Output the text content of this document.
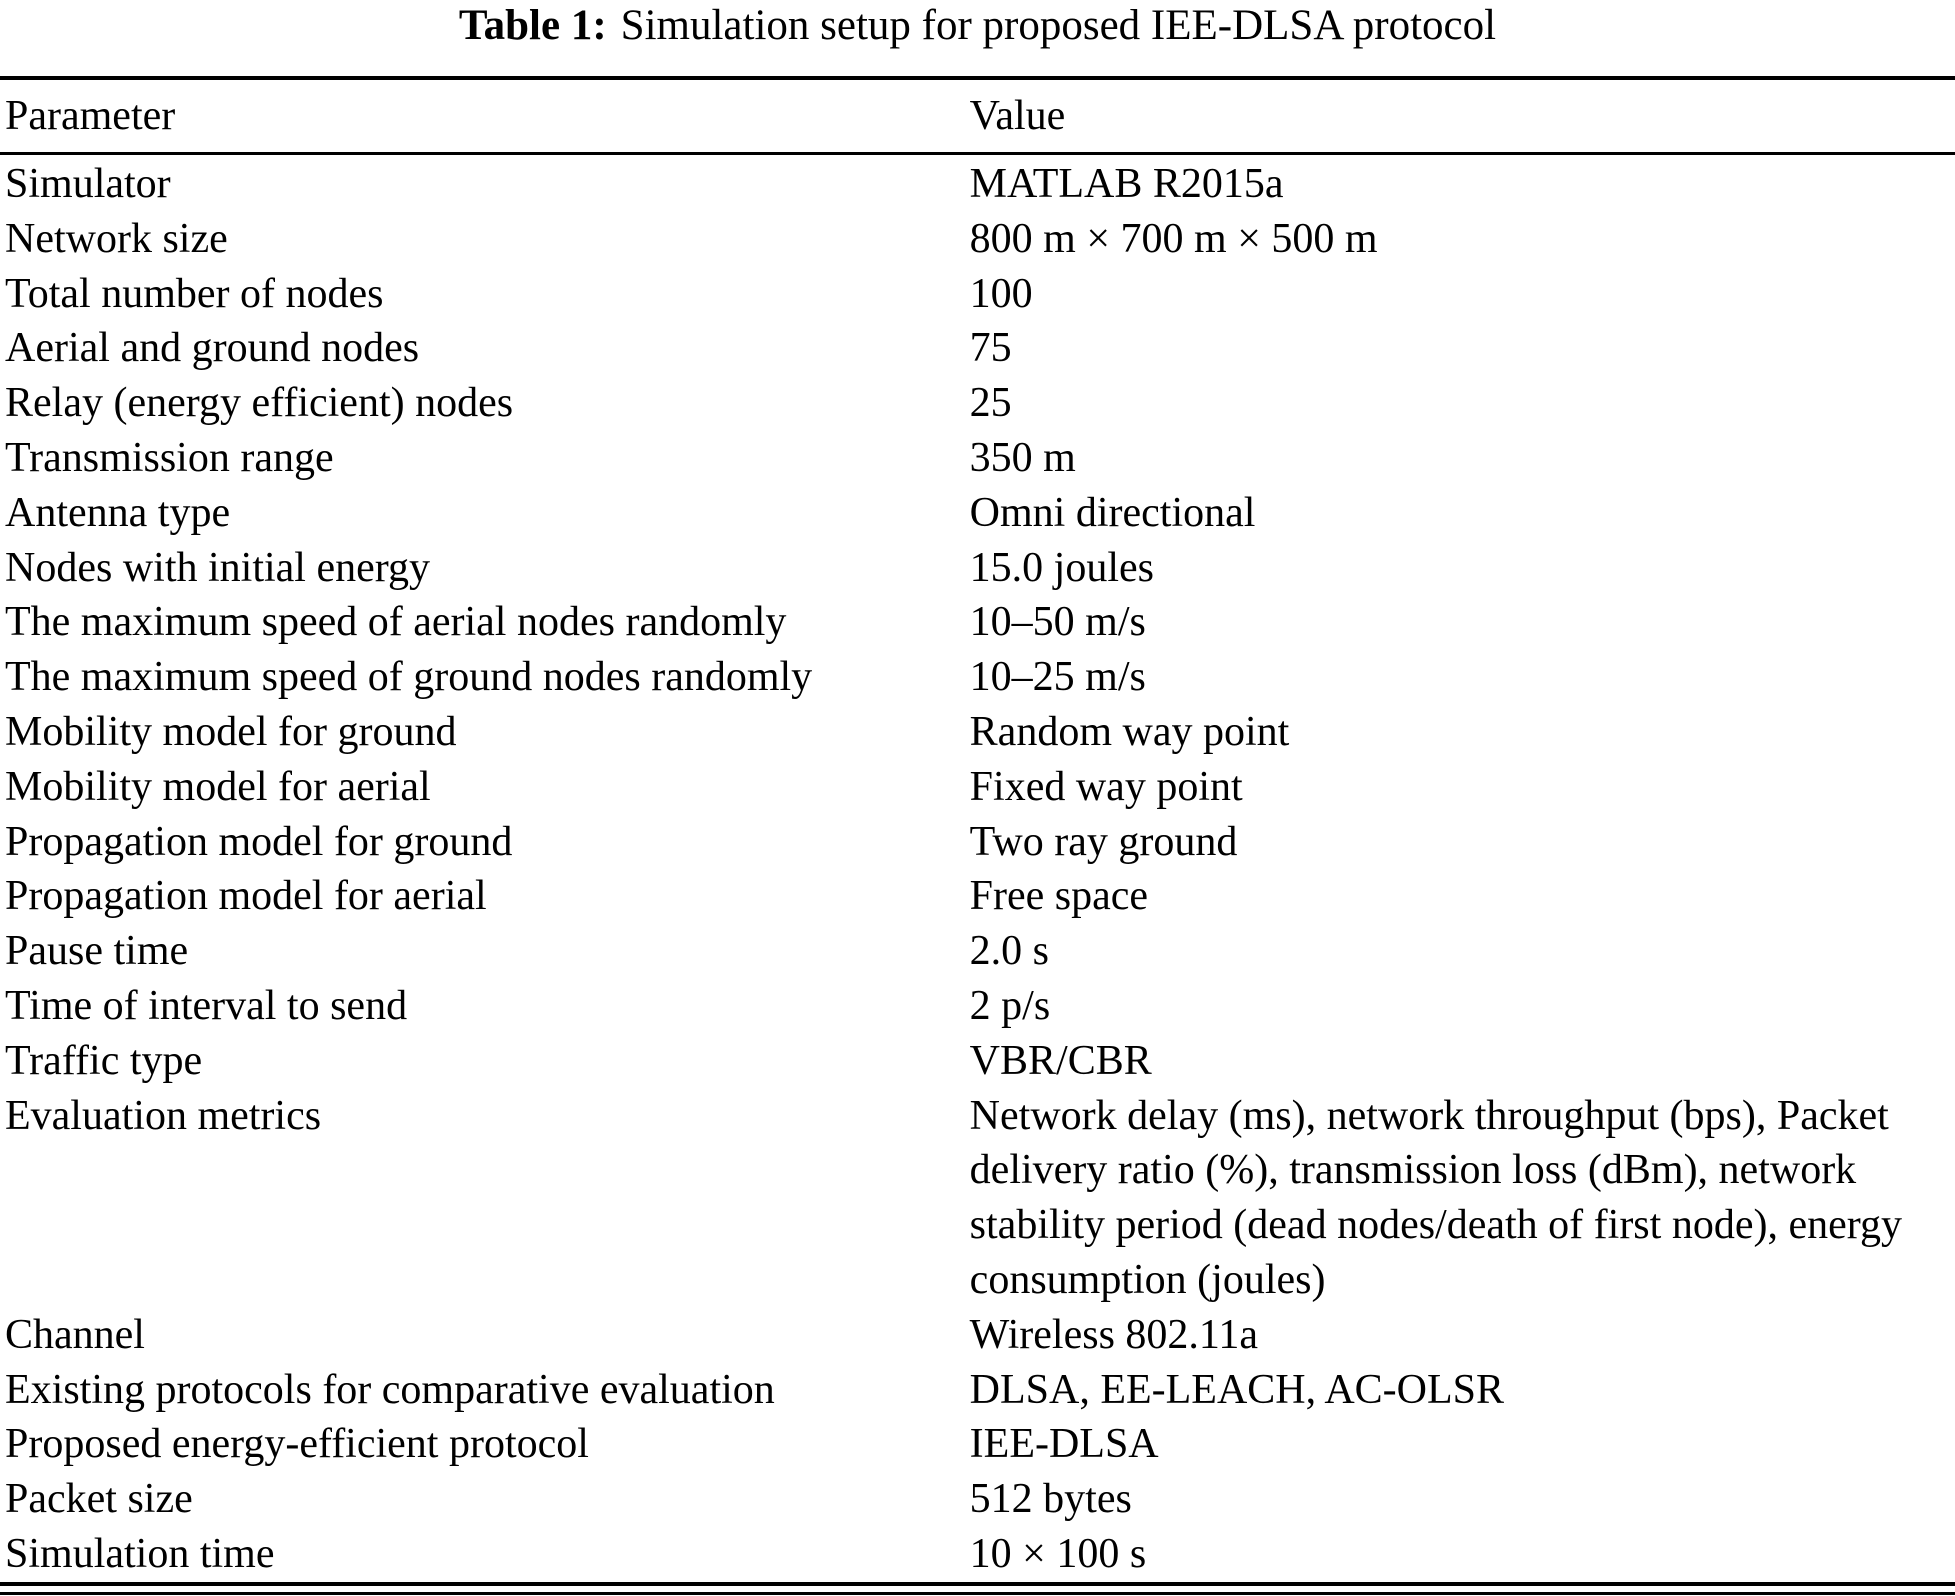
Table 1: Simulation setup for proposed IEE-DLSA protocol
Parameter	Value
Simulator	MATLAB R2015a
Network size	800 m × 700 m × 500 m
Total number of nodes	100
Aerial and ground nodes	75
Relay (energy efficient) nodes	25
Transmission range	350 m
Antenna type	Omni directional
Nodes with initial energy	15.0 joules
The maximum speed of aerial nodes randomly	10–50 m/s
The maximum speed of ground nodes randomly	10–25 m/s
Mobility model for ground	Random way point
Mobility model for aerial	Fixed way point
Propagation model for ground	Two ray ground
Propagation model for aerial	Free space
Pause time	2.0 s
Time of interval to send	2 p/s
Traffic type	VBR/CBR
Evaluation metrics	Network delay (ms), network throughput (bps), Packet delivery ratio (%), transmission loss (dBm), network stability period (dead nodes/death of first node), energy consumption (joules)
Channel	Wireless 802.11a
Existing protocols for comparative evaluation	DLSA, EE-LEACH, AC-OLSR
Proposed energy-efficient protocol	IEE-DLSA
Packet size	512 bytes
Simulation time	10 × 100 s
